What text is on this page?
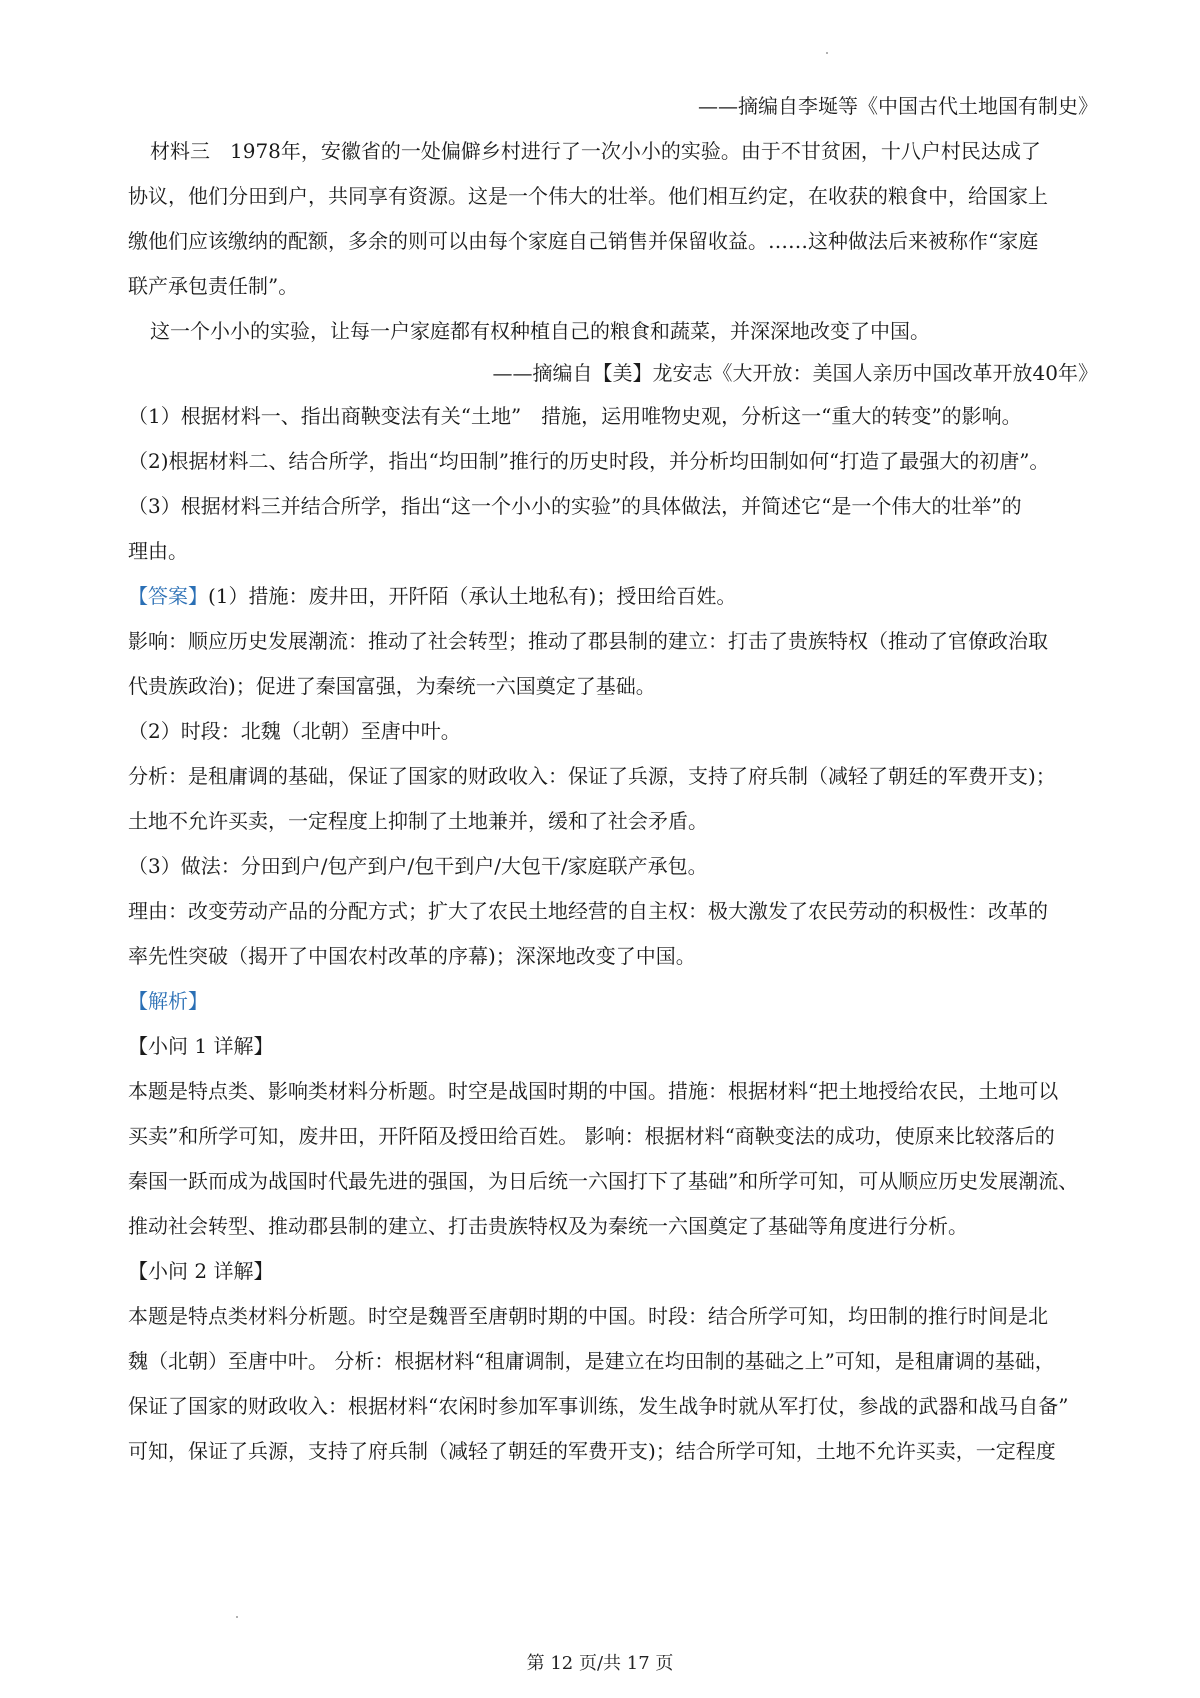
——摘编自李埏等《中国古代土地国有制史》
材料三　1978年，安徽省的一处偏僻乡村进行了一次小小的实验。由于不甘贫困，十八户村民达成了
协议，他们分田到户，共同享有资源。这是一个伟大的壮举。他们相互约定，在收获的粮食中，给国家上
缴他们应该缴纳的配额，多余的则可以由每个家庭自己销售并保留收益。……这种做法后来被称作“家庭
联产承包责任制”。
这一个小小的实验，让每一户家庭都有权种植自己的粮食和蔬菜，并深深地改变了中国。
——摘编自【美】龙安志《大开放：美国人亲历中国改革开放40年》
（1）根据材料一、指出商鞅变法有关“土地”　措施，运用唯物史观，分析这一“重大的转变”的影响。
（2)根据材料二、结合所学，指出“均田制”推行的历史时段，并分析均田制如何“打造了最强大的初唐”。
（3）根据材料三并结合所学，指出“这一个小小的实验”的具体做法，并简述它“是一个伟大的壮举”的
理由。
【答案】(1）措施：废井田，开阡陌（承认土地私有)；授田给百姓。
影响：顺应历史发展潮流：推动了社会转型；推动了郡县制的建立：打击了贵族特权（推动了官僚政治取
代贵族政治)；促进了秦国富强，为秦统一六国奠定了基础。
（2）时段：北魏（北朝）至唐中叶。
分析：是租庸调的基础，保证了国家的财政收入：保证了兵源，支持了府兵制（减轻了朝廷的军费开支)；
土地不允许买卖，一定程度上抑制了土地兼并，缓和了社会矛盾。
（3）做法：分田到户/包产到户/包干到户/大包干/家庭联产承包。
理由：改变劳动产品的分配方式；扩大了农民土地经营的自主权：极大激发了农民劳动的积极性：改革的
率先性突破（揭开了中国农村改革的序幕)；深深地改变了中国。
【解析】
【小问 1 详解】
本题是特点类、影响类材料分析题。时空是战国时期的中国。措施：根据材料“把土地授给农民，土地可以
买卖”和所学可知，废井田，开阡陌及授田给百姓。 影响：根据材料“商鞅变法的成功，使原来比较落后的
秦国一跃而成为战国时代最先进的强国，为日后统一六国打下了基础”和所学可知，可从顺应历史发展潮流、
推动社会转型、推动郡县制的建立、打击贵族特权及为秦统一六国奠定了基础等角度进行分析。
【小问 2 详解】
本题是特点类材料分析题。时空是魏晋至唐朝时期的中国。时段：结合所学可知，均田制的推行时间是北
魏（北朝）至唐中叶。 分析：根据材料“租庸调制，是建立在均田制的基础之上”可知，是租庸调的基础，
保证了国家的财政收入：根据材料“农闲时参加军事训练，发生战争时就从军打仗，参战的武器和战马自备”
可知，保证了兵源，支持了府兵制（减轻了朝廷的军费开支)；结合所学可知，土地不允许买卖，一定程度
第 12 页/共 17 页
